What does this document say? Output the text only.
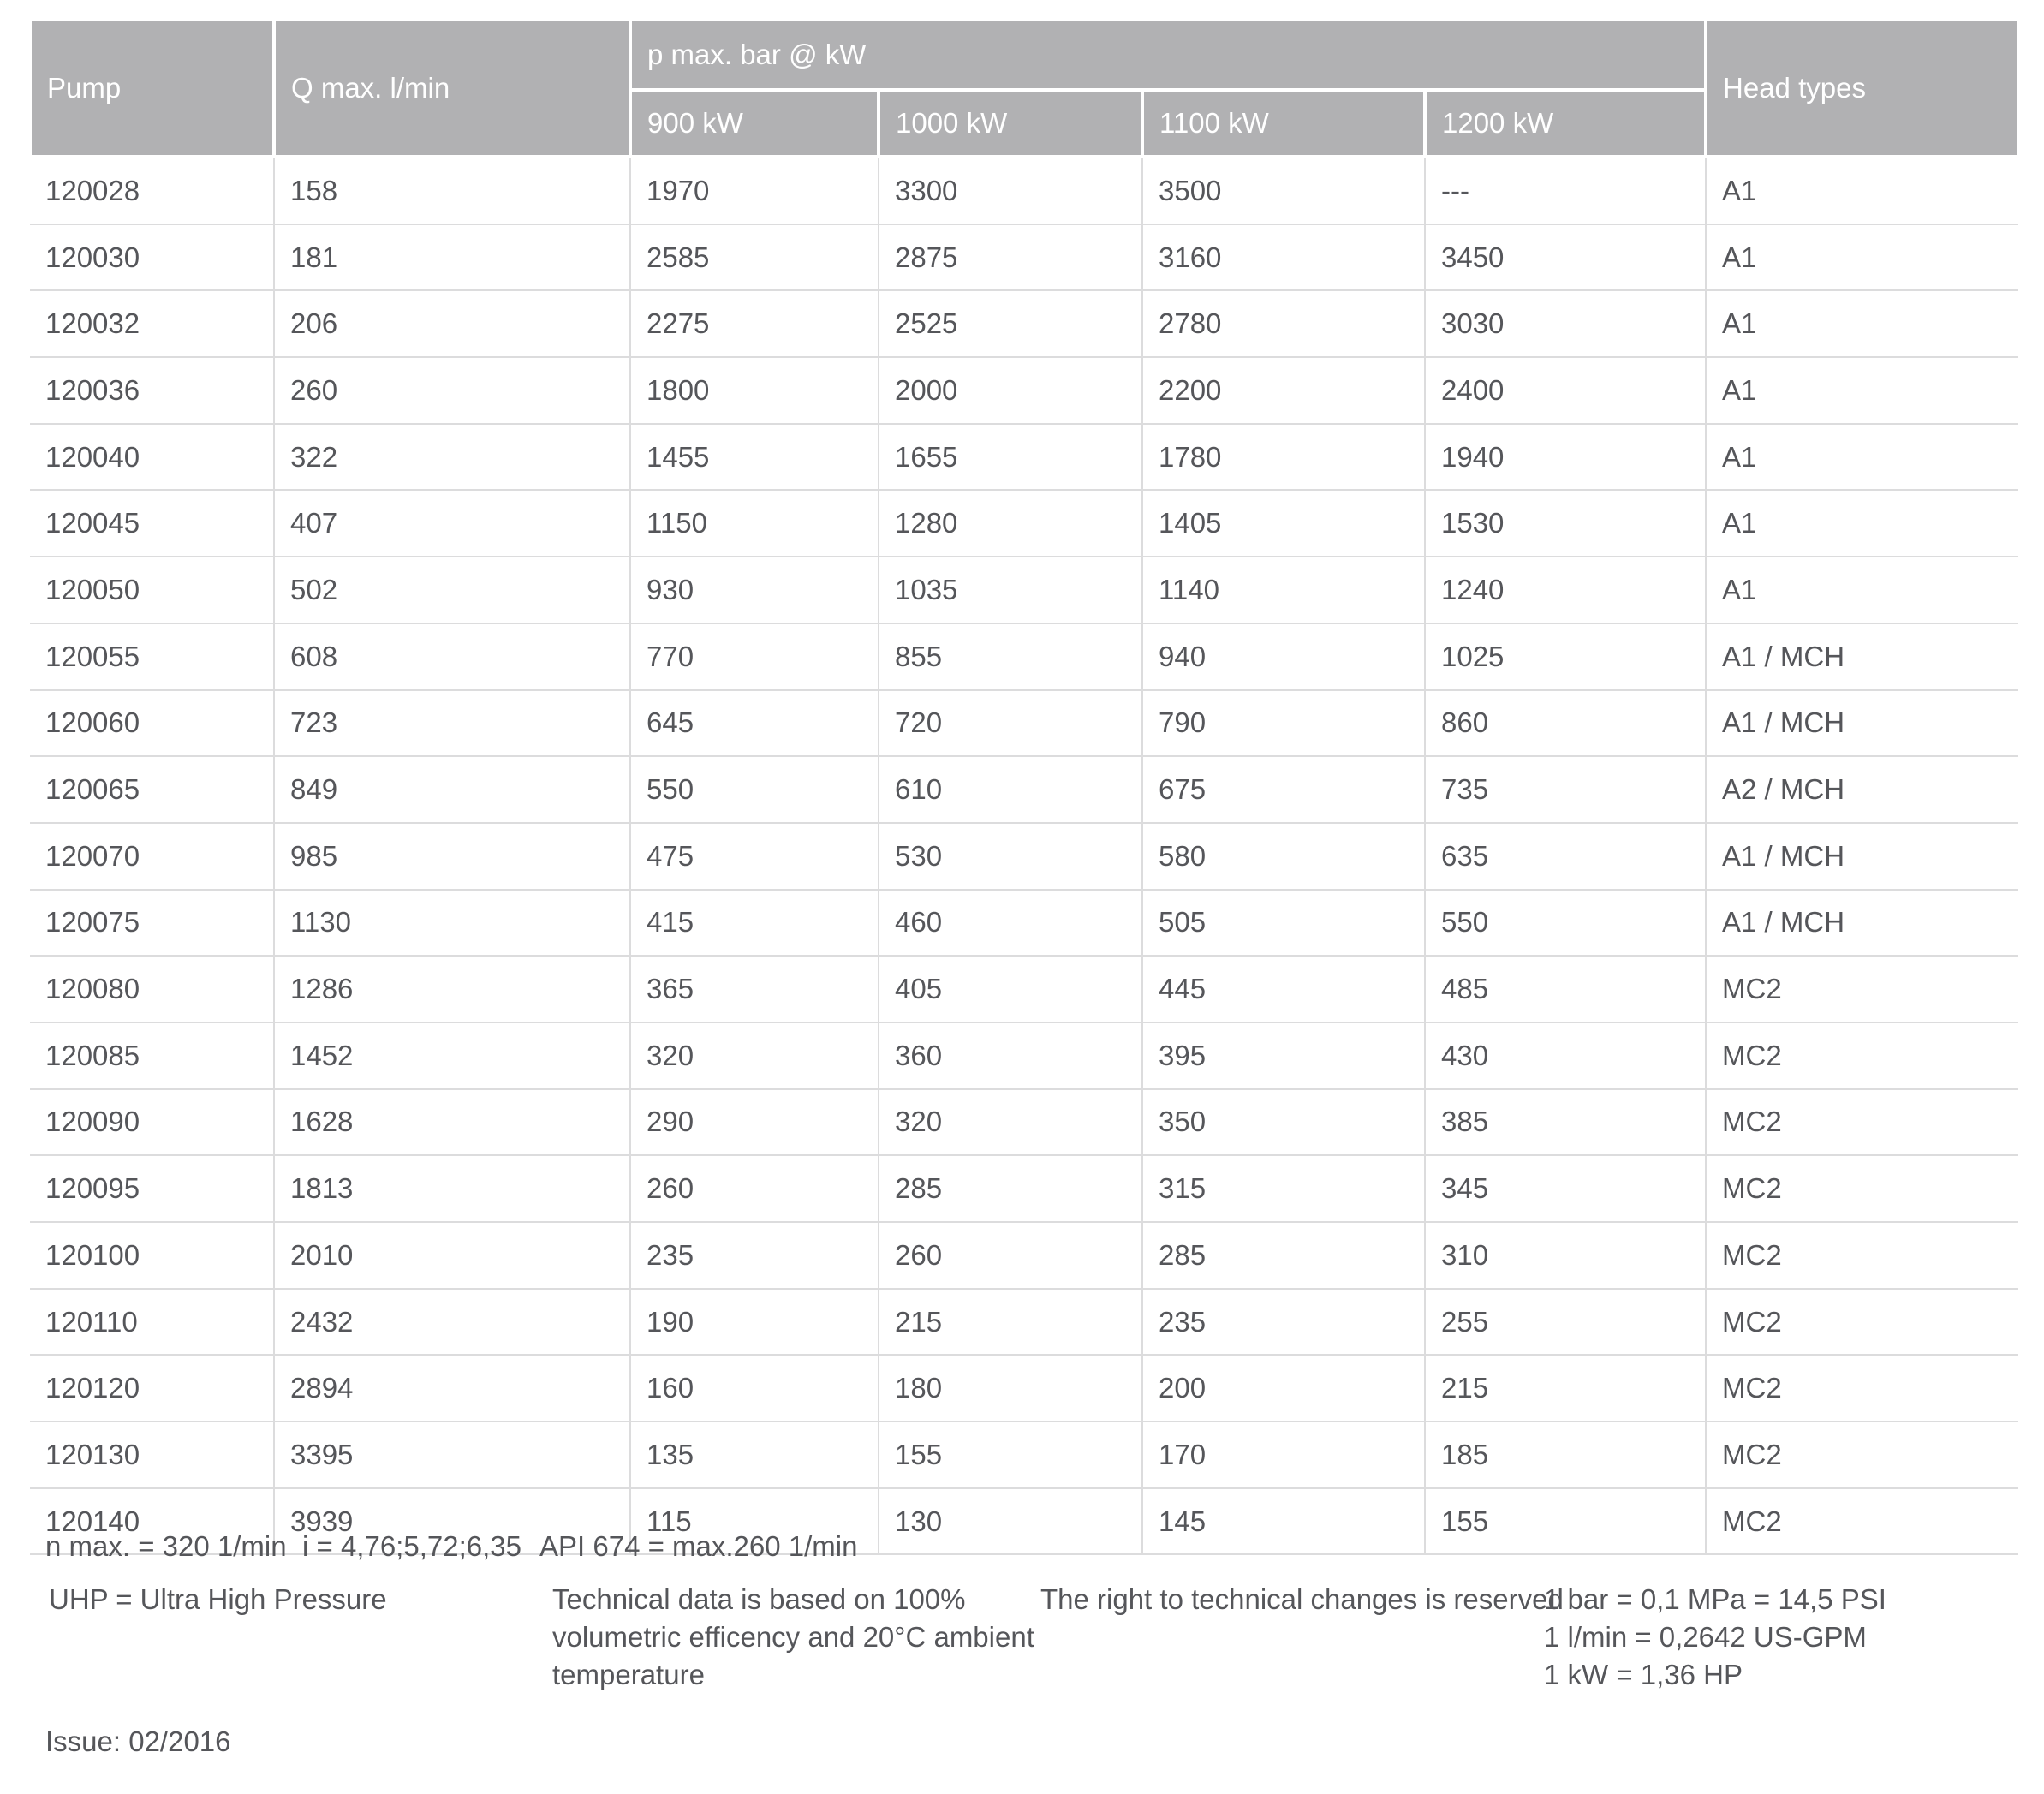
Pump	Q max. l/min	p max. bar @ kW				Head types
		900 kW	1000 kW	1100 kW	1200 kW	
120028	158	1970	3300	3500	---	A1
120030	181	2585	2875	3160	3450	A1
120032	206	2275	2525	2780	3030	A1
120036	260	1800	2000	2200	2400	A1
120040	322	1455	1655	1780	1940	A1
120045	407	1150	1280	1405	1530	A1
120050	502	930	1035	1140	1240	A1
120055	608	770	855	940	1025	A1 / MCH
120060	723	645	720	790	860	A1 / MCH
120065	849	550	610	675	735	A2 / MCH
120070	985	475	530	580	635	A1 / MCH
120075	1130	415	460	505	550	A1 / MCH
120080	1286	365	405	445	485	MC2
120085	1452	320	360	395	430	MC2
120090	1628	290	320	350	385	MC2
120095	1813	260	285	315	345	MC2
120100	2010	235	260	285	310	MC2
120110	2432	190	215	235	255	MC2
120120	2894	160	180	200	215	MC2
120130	3395	135	155	170	185	MC2
120140	3939	115	130	145	155	MC2
n max. = 320 1/min i = 4,76;5,72;6,35 API 674 = max.260 1/min
UHP = Ultra High Pressure	Technical data is based on 100%
volumetric efficency and 20°C ambient
temperature
The right to technical changes is reserved
1 bar = 0,1 MPa = 14,5 PSI
1 l/min = 0,2642 US-GPM
1 kW = 1,36 HP
Issue: 02/2016
